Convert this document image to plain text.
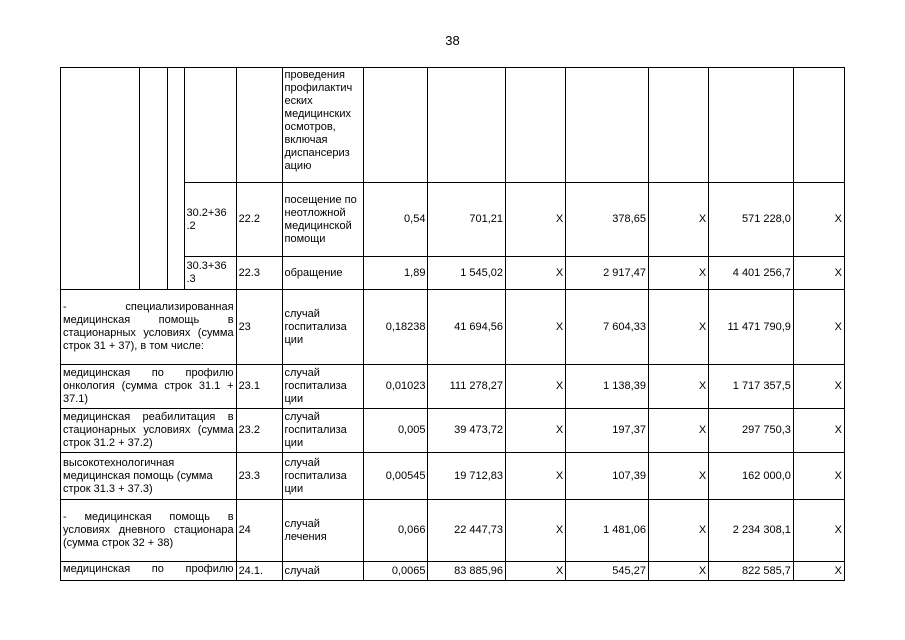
38
					проведения профилактич еских медицинских осмотров, включая диспансериз ацию							
			30.2+36 .2	22.2	посещение по неотложной медицинской помощи	0,54	701,21	X	378,65	X	571 228,0	X
			30.3+36 .3	22.3	обращение	1,89	1 545,02	X	2 917,47	X	4 401 256,7	X
- специализированная медицинская помощь в стационарных условиях (сумма строк 31 + 37), в том числе:				23	случай госпитализа ции	0,18238	41 694,56	X	7 604,33	X	11 471 790,9	X
медицинская по профилю онкология (сумма строк 31.1 + 37.1)				23.1	случай госпитализа ции	0,01023	111 278,27	X	1 138,39	X	1 717 357,5	X
медицинская реабилитация в стационарных условиях (сумма строк 31.2 + 37.2)				23.2	случай госпитализа ции	0,005	39 473,72	X	197,37	X	297 750,3	X
высокотехнологичная медицинская помощь (сумма строк 31.3 + 37.3)				23.3	случай госпитализа ции	0,00545	19 712,83	X	107,39	X	162 000,0	X
- медицинская помощь в условиях дневного стационара (сумма строк 32 + 38)				24	случай лечения	0,066	22 447,73	X	1 481,06	X	2 234 308,1	X

медицинская по профилю				24.1.	случай	0,0065	83 885,96	X	545,27	X	822 585,7	X
